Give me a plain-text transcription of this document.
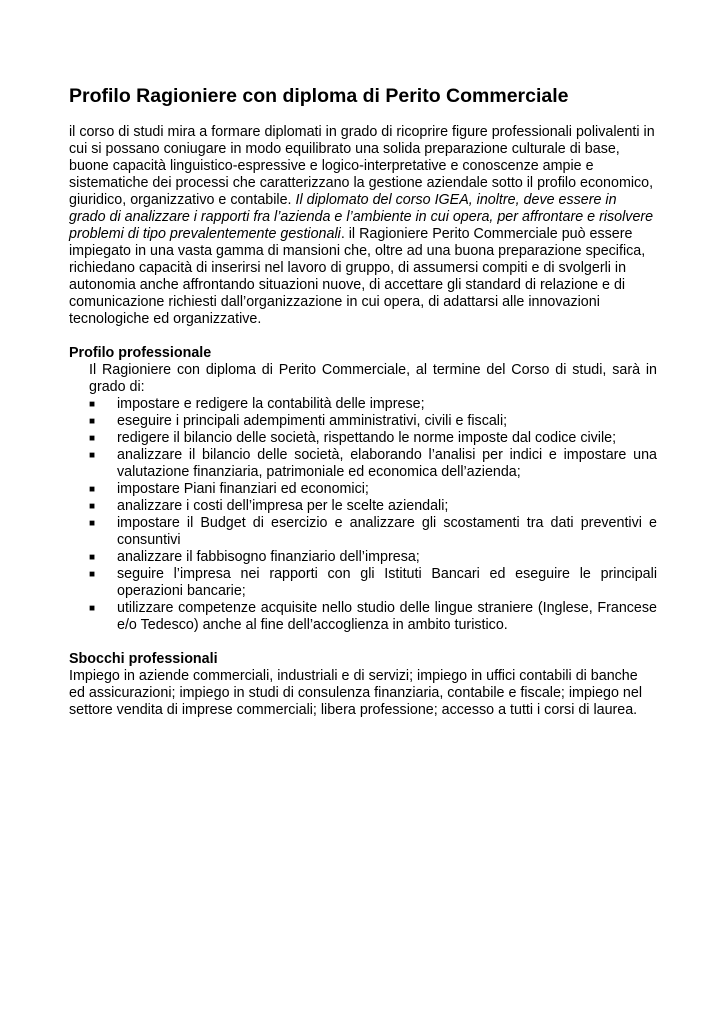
Profilo Ragioniere con diploma di Perito Commerciale

il corso di studi mira a formare diplomati in grado di ricoprire figure professionali polivalenti in cui si possano coniugare in modo equilibrato una solida preparazione culturale di base, buone capacità linguistico-espressive e logico-interpretative e conoscenze ampie e sistematiche dei processi che caratterizzano la gestione aziendale sotto il profilo economico, giuridico, organizzativo e contabile. Il diplomato del corso IGEA, inoltre, deve essere in grado di analizzare i rapporti fra l’azienda e l’ambiente in cui opera, per affrontare e risolvere problemi di tipo prevalentemente gestionali. il Ragioniere Perito Commerciale può essere impiegato in una vasta gamma di mansioni che, oltre ad una buona preparazione specifica, richiedano capacità di inserirsi nel lavoro di gruppo, di assumersi compiti e di svolgerli in autonomia anche affrontando situazioni nuove, di accettare gli standard di relazione e di comunicazione richiesti dall’organizzazione in cui opera, di adattarsi alle innovazioni tecnologiche ed organizzative.

Profilo professionale

Il Ragioniere con diploma di Perito Commerciale, al termine del Corso di studi, sarà in grado di:

■ impostare e redigere la contabilità delle imprese;
■ eseguire i principali adempimenti amministrativi, civili e fiscali;
■ redigere il bilancio delle società, rispettando le norme imposte dal codice civile;
■ analizzare il bilancio delle società, elaborando l’analisi per indici e impostare una valutazione finanziaria, patrimoniale ed economica dell’azienda;
■ impostare Piani finanziari ed economici;
■ analizzare i costi dell’impresa per le scelte aziendali;
■ impostare il Budget di esercizio e analizzare gli scostamenti tra dati preventivi e consuntivi
■ analizzare il fabbisogno finanziario dell’impresa;
■ seguire l’impresa nei rapporti con gli Istituti Bancari ed eseguire le principali operazioni bancarie;
■ utilizzare competenze acquisite nello studio delle lingue straniere (Inglese, Francese e/o Tedesco) anche al fine dell’accoglienza in ambito turistico.
Sbocchi professionali

Impiego in aziende commerciali, industriali e di servizi; impiego in uffici contabili di banche ed assicurazioni; impiego in studi di consulenza finanziaria, contabile e fiscale; impiego nel settore vendita di imprese commerciali; libera professione; accesso a tutti i corsi di laurea.
